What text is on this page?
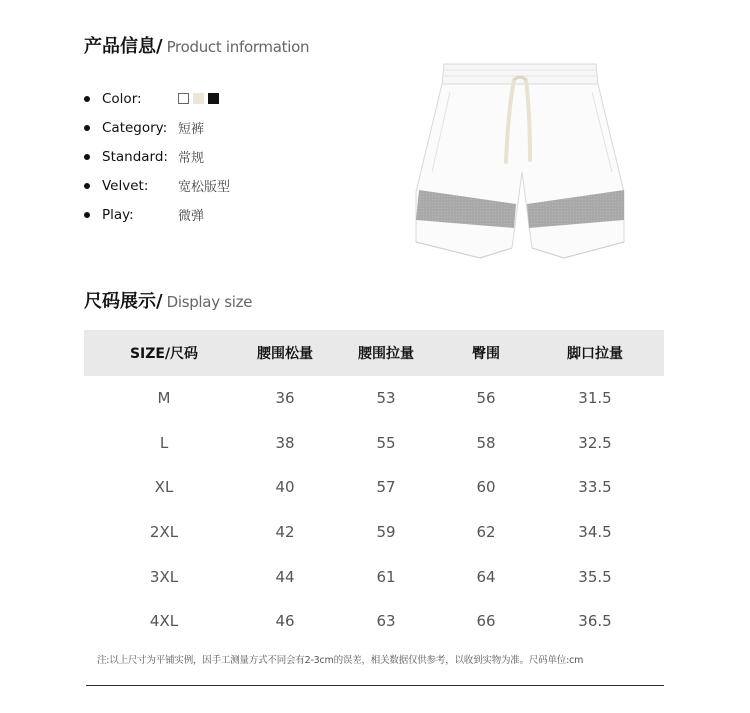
产品信息/ Product information
Color:
Category: 短裤
Standard: 常规
Velvet:	宽松版型
Play:	微弹
尺码展示/ Display size
SIZE/尺码	腰围松量	腰围拉量	臀围	脚口拉量
M	36	53	56	31.5
L	38	55	58	32.5
XL	40	57	60	33.5
2XL	42	59	62	34.5
3XL	44	61	64	35.5
4XL	46	63	66	36.5
注:以上尺寸为平铺实例，因手工测量方式不同会有2-3cm的误差，相关数据仅供参考，以收到实物为准。尺码单位:cm
